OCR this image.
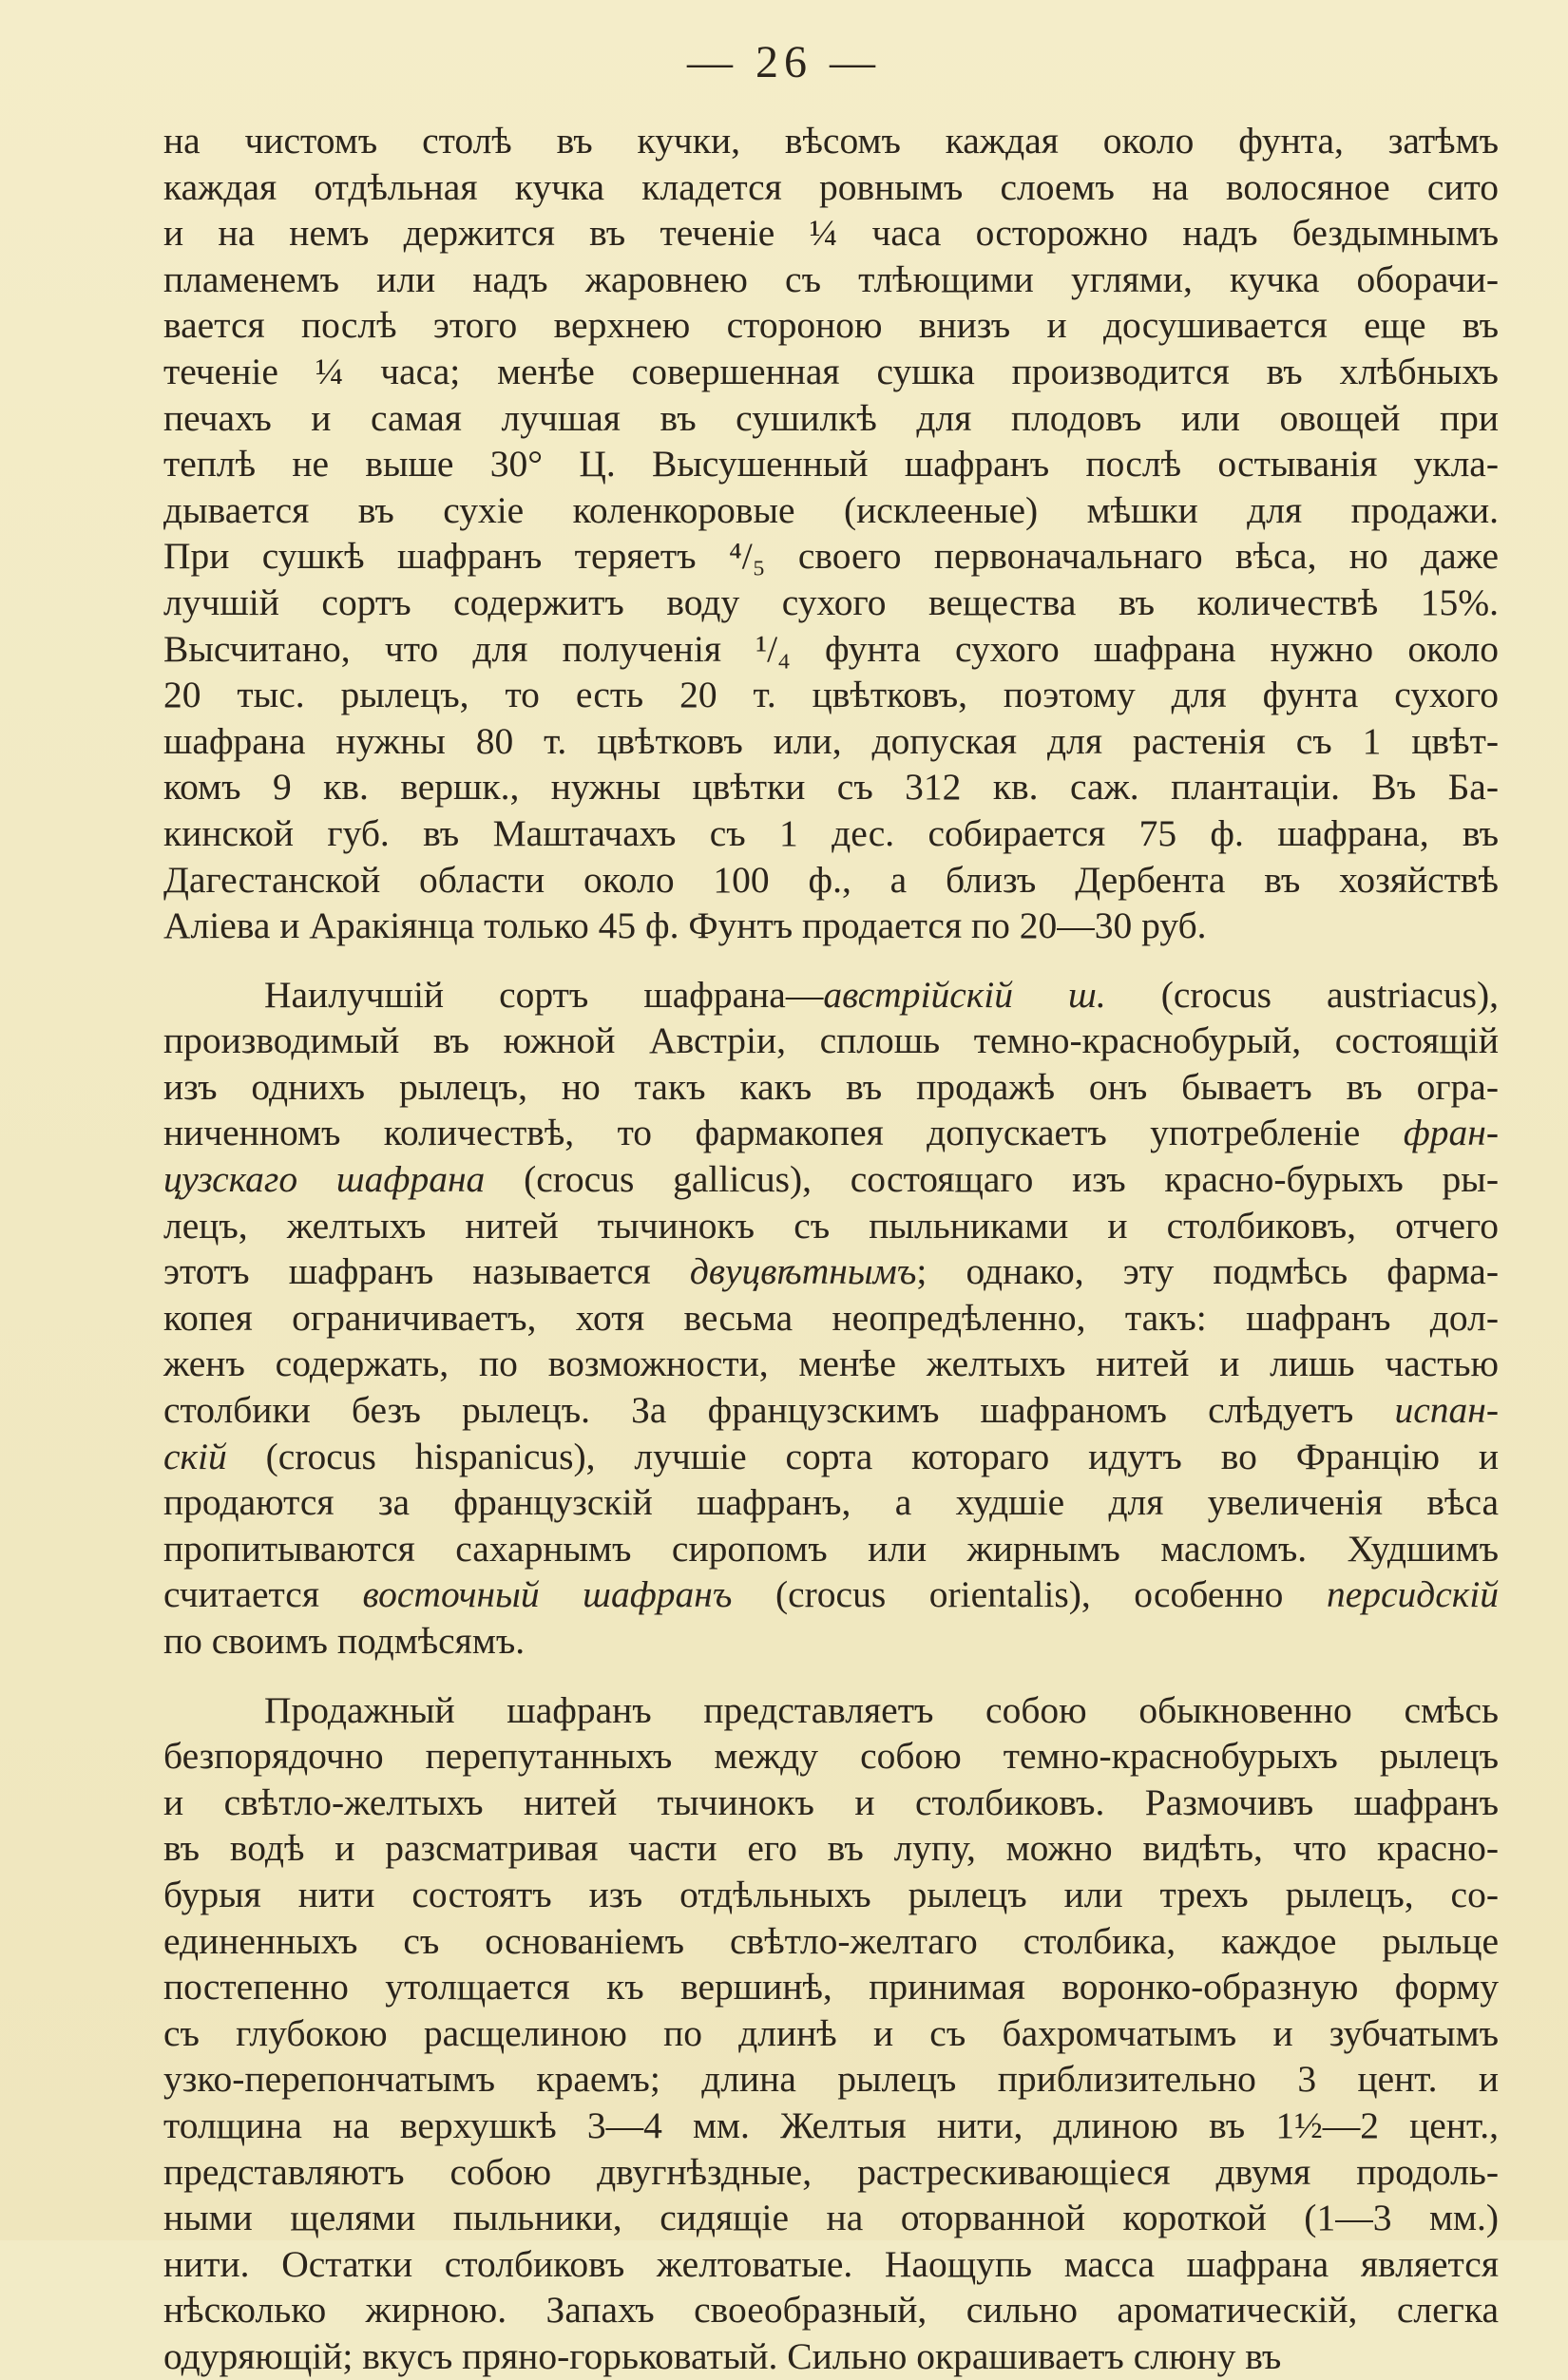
— 26 —
на чистомъ столѣ въ кучки, вѣсомъ каждая около фунта, затѣмъ
каждая отдѣльная кучка кладется ровнымъ слоемъ на волосяное сито
и на немъ держится въ теченіе ¼ часа осторожно надъ бездымнымъ
пламенемъ или надъ жаровнею съ тлѣющими углями, кучка оборачи-
вается послѣ этого верхнею стороною внизъ и досушивается еще въ
теченіе ¼ часа; менѣе совершенная сушка производится въ хлѣбныхъ
печахъ и самая лучшая въ сушилкѣ для плодовъ или овощей при
теплѣ не выше 30° Ц. Высушенный шафранъ послѣ остыванія укла-
дывается въ сухіе коленкоровые (исклееные) мѣшки для продажи.
При сушкѣ шафранъ теряетъ ⁴/₅ своего первоначальнаго вѣса, но даже
лучшій сортъ содержитъ воду сухого вещества въ количествѣ 15%.
Высчитано, что для полученія ¹/₄ фунта сухого шафрана нужно около
20 тыс. рылецъ, то есть 20 т. цвѣтковъ, поэтому для фунта сухого
шафрана нужны 80 т. цвѣтковъ или, допуская для растенія съ 1 цвѣт-
комъ 9 кв. вершк., нужны цвѣтки съ 312 кв. саж. плантаціи. Въ Ба-
кинской губ. въ Маштачахъ съ 1 дес. собирается 75 ф. шафрана, въ
Дагестанской области около 100 ф., а близъ Дербента въ хозяйствѣ
Аліева и Аракіянца только 45 ф. Фунтъ продается по 20—30 руб.
Наилучшій сортъ шафрана—австрійскій ш. (crocus austriacus),
производимый въ южной Австріи, сплошь темно-краснобурый, состоящій
изъ однихъ рылецъ, но такъ какъ въ продажѣ онъ бываетъ въ огра-
ниченномъ количествѣ, то фармакопея допускаетъ употребленіе фран-
цузскаго шафрана (crocus gallicus), состоящаго изъ красно-бурыхъ ры-
лецъ, желтыхъ нитей тычинокъ съ пыльниками и столбиковъ, отчего
этотъ шафранъ называется двуцвѣтнымъ; однако, эту подмѣсь фарма-
копея ограничиваетъ, хотя весьма неопредѣленно, такъ: шафранъ дол-
женъ содержать, по возможности, менѣе желтыхъ нитей и лишь частью
столбики безъ рылецъ. За французскимъ шафраномъ слѣдуетъ испан-
скій (crocus hispanicus), лучшіе сорта котораго идутъ во Францію и
продаются за французскій шафранъ, а худшіе для увеличенія вѣса
пропитываются сахарнымъ сиропомъ или жирнымъ масломъ. Худшимъ
считается восточный шафранъ (crocus orientalis), особенно персидскій
по своимъ подмѣсямъ.
Продажный шафранъ представляетъ собою обыкновенно смѣсь
безпорядочно перепутанныхъ между собою темно-краснобурыхъ рылецъ
и свѣтло-желтыхъ нитей тычинокъ и столбиковъ. Размочивъ шафранъ
въ водѣ и разсматривая части его въ лупу, можно видѣть, что красно-
бурыя нити состоятъ изъ отдѣльныхъ рылецъ или трехъ рылецъ, со-
единенныхъ съ основаніемъ свѣтло-желтаго столбика, каждое рыльце
постепенно утолщается къ вершинѣ, принимая воронко-образную форму
съ глубокою расщелиною по длинѣ и съ бахромчатымъ и зубчатымъ
узко-перепончатымъ краемъ; длина рылецъ приблизительно 3 цент. и
толщина на верхушкѣ 3—4 мм. Желтыя нити, длиною въ 1½—2 цент.,
представляютъ собою двугнѣздные, растрескивающіеся двумя продоль-
ными щелями пыльники, сидящіе на оторванной короткой (1—3 мм.)
нити. Остатки столбиковъ желтоватые. Наощупь масса шафрана является
нѣсколько жирною. Запахъ своеобразный, сильно ароматическій, слегка
одуряющій; вкусъ пряно-горьковатый. Сильно окрашиваетъ слюну въ
